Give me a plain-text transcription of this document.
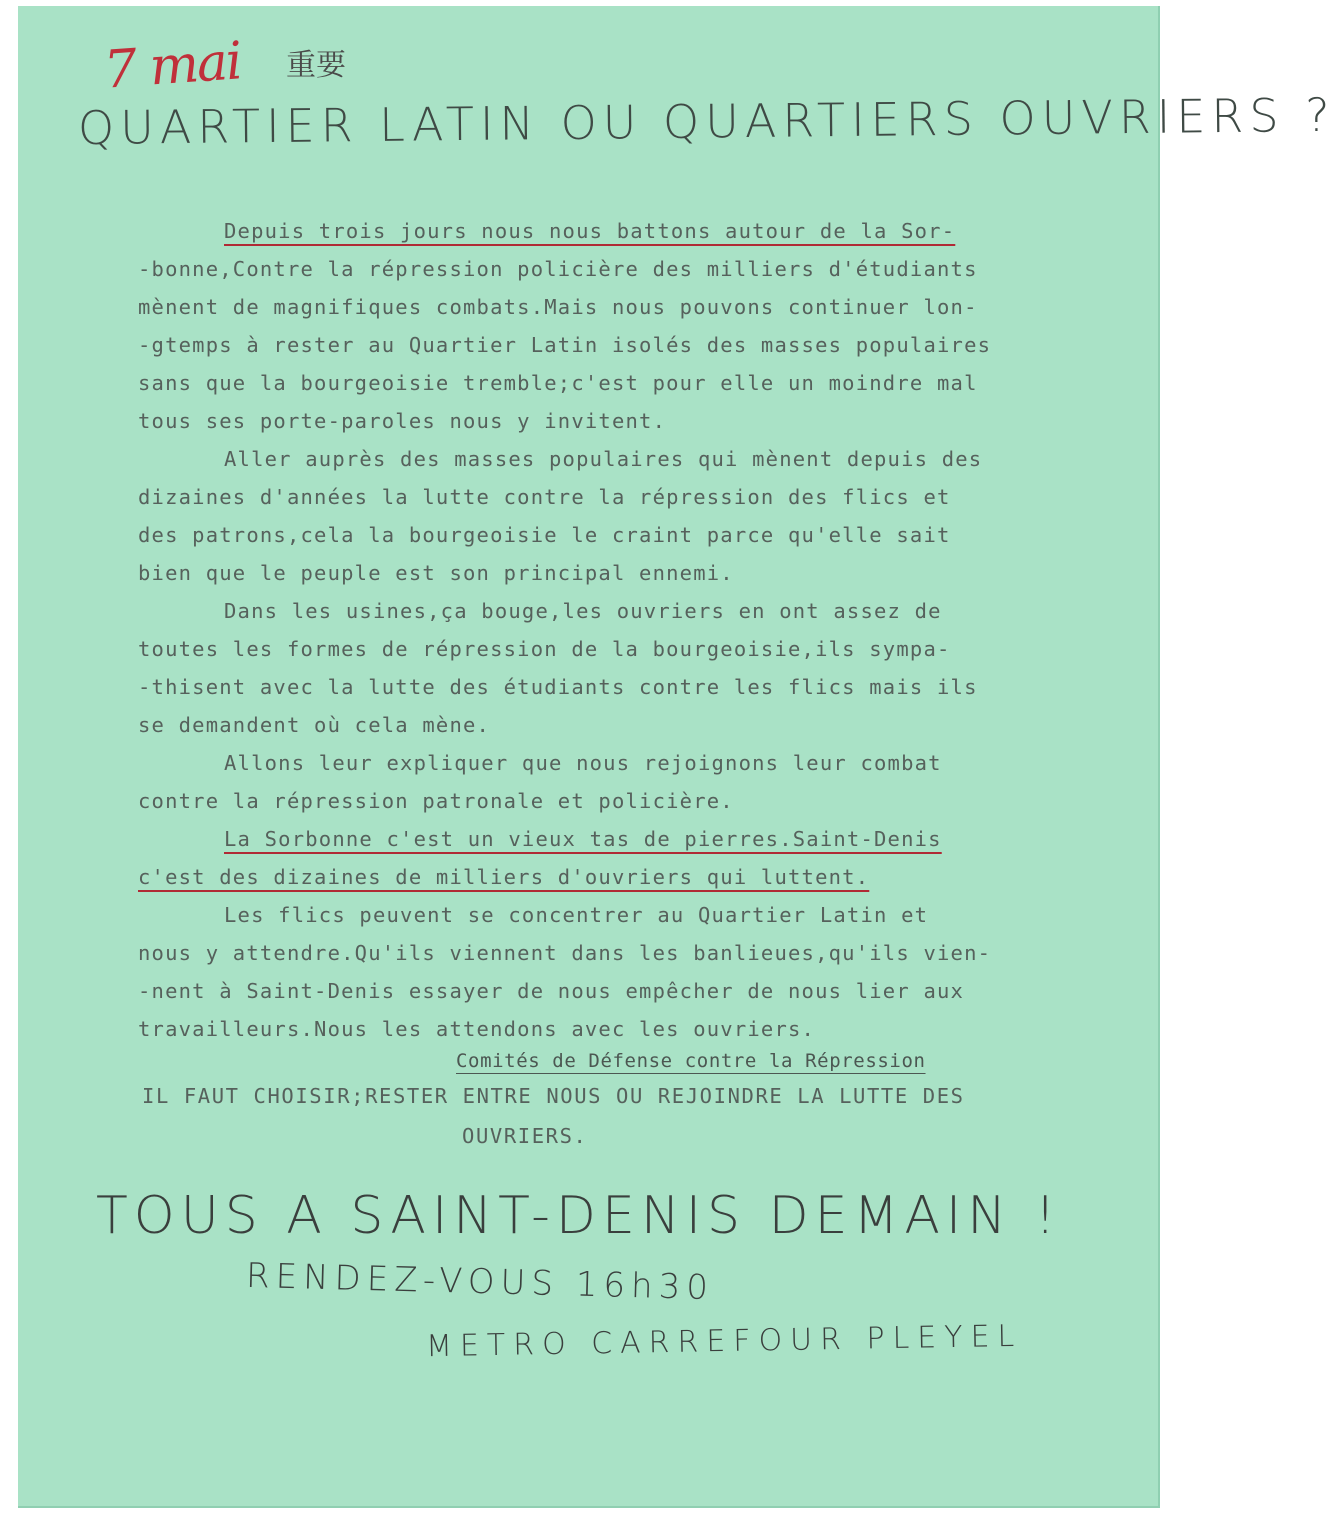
7 mai 重要
QUARTIER LATIN OU QUARTIERS OUVRIERS ?
Depuis trois jours nous nous battons autour de la Sor-
-bonne,Contre la répression policière des milliers d'étudiants
mènent de magnifiques combats.Mais nous pouvons continuer lon-
-gtemps à rester au Quartier Latin isolés des masses populaires
sans que la bourgeoisie tremble;c'est pour elle un moindre mal
tous ses porte-paroles nous y invitent.
Aller auprès des masses populaires qui mènent depuis des
dizaines d'années la lutte contre la répression des flics et
des patrons,cela la bourgeoisie le craint parce qu'elle sait
bien que le peuple est son principal ennemi.
Dans les usines,ça bouge,les ouvriers en ont assez de
toutes les formes de répression de la bourgeoisie,ils sympa-
-thisent avec la lutte des étudiants contre les flics mais ils
se demandent où cela mène.
Allons leur expliquer que nous rejoignons leur combat
contre la répression patronale et policière.
La Sorbonne c'est un vieux tas de pierres.Saint-Denis
c'est des dizaines de milliers d'ouvriers qui luttent.
Les flics peuvent se concentrer au Quartier Latin et
nous y attendre.Qu'ils viennent dans les banlieues,qu'ils vien-
-nent à Saint-Denis essayer de nous empêcher de nous lier aux
travailleurs.Nous les attendons avec les ouvriers.
IL FAUT CHOISIR;RESTER ENTRE NOUS OU REJOINDRE LA LUTTE DES
OUVRIERS.
TOUS A SAINT-DENIS DEMAIN !
RENDEZ-VOUS 16h30
METRO CARREFOUR PLEYEL
Comités de Défense contre la Répression
